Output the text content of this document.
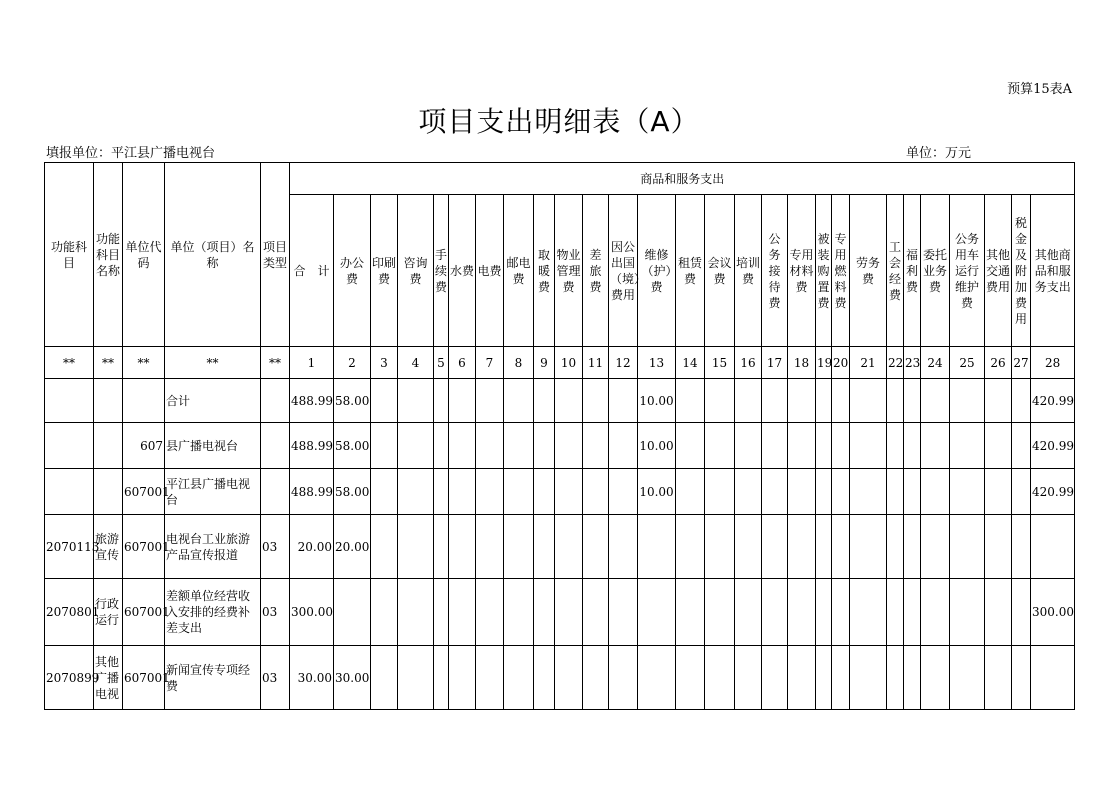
预算15表A
项目支出明细表（A）
填报单位：平江县广播电视台	单位：万元
功能科目	功能科目名称	单位代码	单位（项目）名称	项目类型	商品和服务支出																											
					合　计	办公费	印刷费	咨询费	手续费	水费	电费	邮电费	取暖费	物业管理费	差旅费	因公出国（境）费用	维修（护）费	租赁费	会议费	培训费	公务接待费	专用材料费	被装购置费	专用燃料费	劳务费	工会经费	福利费	委托业务费	公务用车运行维护费	其他交通费用	税金及附加费用	其他商品和服务支出
**	**	**	**	**	1	2	3	4	5	6	7	8	9	10	11	12	13	14	15	16	17	18	19	20	21	22	23	24	25	26	27	28
			合计		488.99	58.00											10.00															420.99
		607	县广播电视台		488.99	58.00											10.00															420.99
		607001	平江县广播电视台		488.99	58.00											10.00															420.99
2070113	旅游宣传	607001	电视台工业旅游产品宣传报道	03	20.00	20.00																										
2070801	行政运行	607001	差额单位经营收入安排的经费补差支出	03	300.00																											300.00
2070899	其他广播电视	607001	新闻宣传专项经费	03	30.00	30.00																										
